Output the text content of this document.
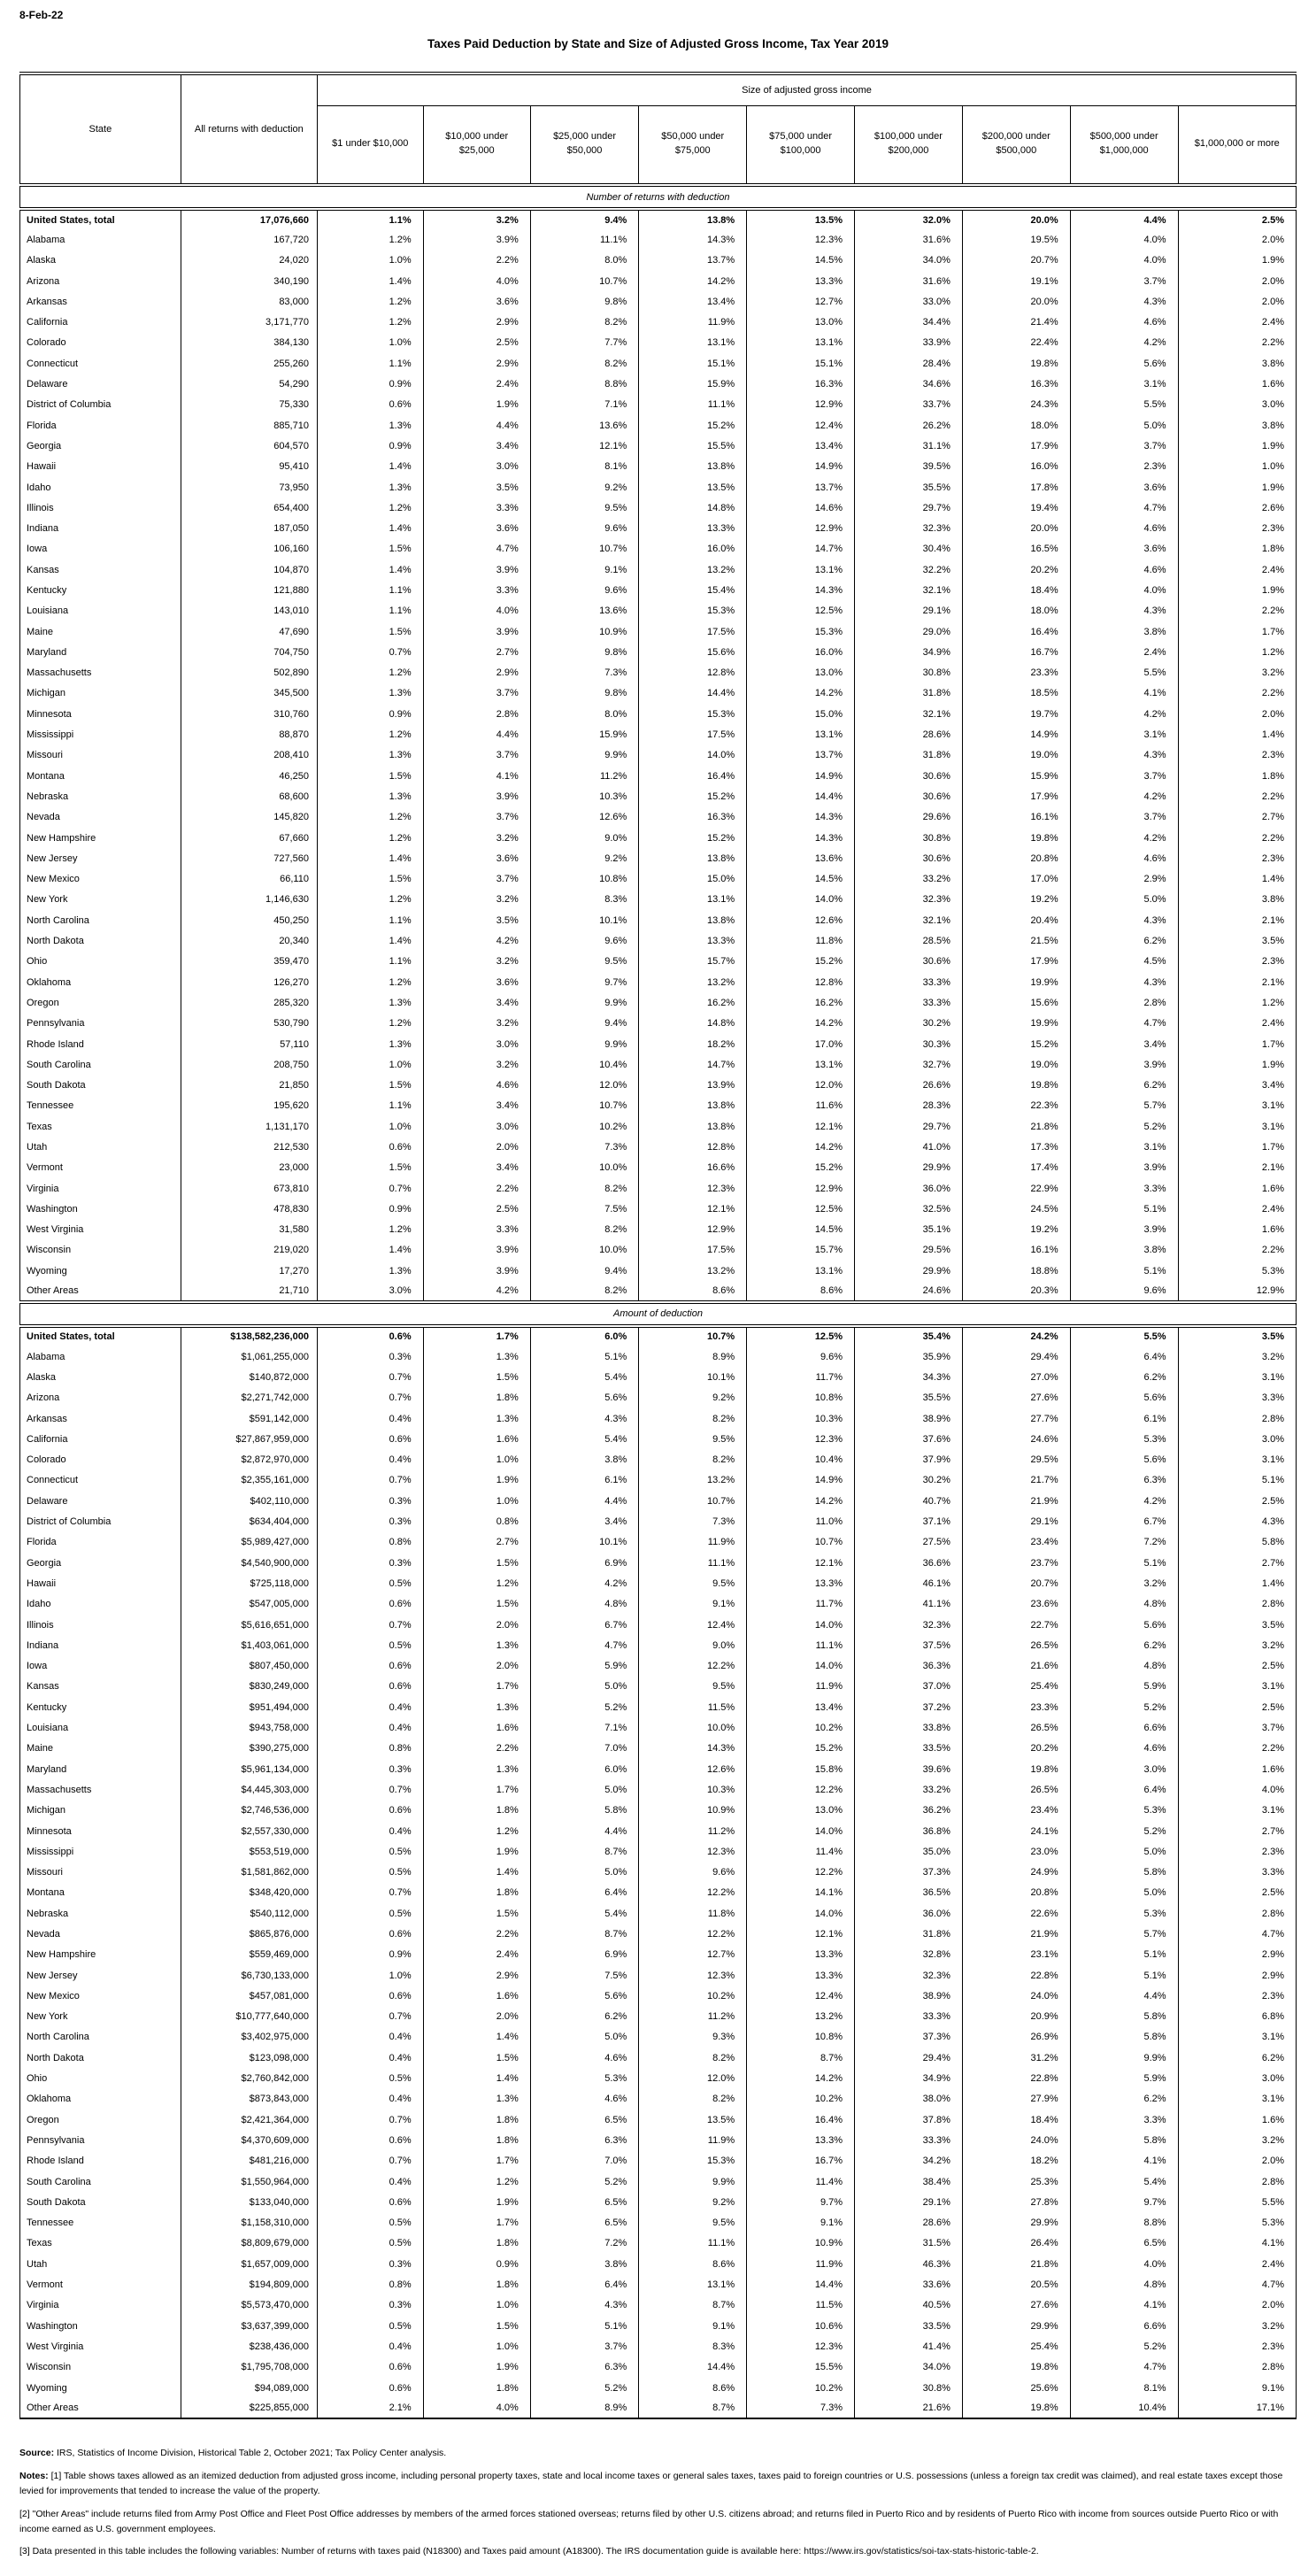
8-Feb-22
Taxes Paid Deduction by State and Size of Adjusted Gross Income, Tax Year 2019
State	All returns with deduction	Size of adjusted gross income								
		$1 under $10,000	$10,000 under $25,000	$25,000 under $50,000	$50,000 under $75,000	$75,000 under $100,000	$100,000 under $200,000	$200,000 under $500,000	$500,000 under $1,000,000	$1,000,000 or more
Number of returns with deduction										
United States, total	17,076,660	1.1%	3.2%	9.4%	13.8%	13.5%	32.0%	20.0%	4.4%	2.5%
Alabama	167,720	1.2%	3.9%	11.1%	14.3%	12.3%	31.6%	19.5%	4.0%	2.0%
Alaska	24,020	1.0%	2.2%	8.0%	13.7%	14.5%	34.0%	20.7%	4.0%	1.9%
Arizona	340,190	1.4%	4.0%	10.7%	14.2%	13.3%	31.6%	19.1%	3.7%	2.0%
Arkansas	83,000	1.2%	3.6%	9.8%	13.4%	12.7%	33.0%	20.0%	4.3%	2.0%
California	3,171,770	1.2%	2.9%	8.2%	11.9%	13.0%	34.4%	21.4%	4.6%	2.4%
Colorado	384,130	1.0%	2.5%	7.7%	13.1%	13.1%	33.9%	22.4%	4.2%	2.2%
Connecticut	255,260	1.1%	2.9%	8.2%	15.1%	15.1%	28.4%	19.8%	5.6%	3.8%
Delaware	54,290	0.9%	2.4%	8.8%	15.9%	16.3%	34.6%	16.3%	3.1%	1.6%
District of Columbia	75,330	0.6%	1.9%	7.1%	11.1%	12.9%	33.7%	24.3%	5.5%	3.0%
Florida	885,710	1.3%	4.4%	13.6%	15.2%	12.4%	26.2%	18.0%	5.0%	3.8%
Georgia	604,570	0.9%	3.4%	12.1%	15.5%	13.4%	31.1%	17.9%	3.7%	1.9%
Hawaii	95,410	1.4%	3.0%	8.1%	13.8%	14.9%	39.5%	16.0%	2.3%	1.0%
Idaho	73,950	1.3%	3.5%	9.2%	13.5%	13.7%	35.5%	17.8%	3.6%	1.9%
Illinois	654,400	1.2%	3.3%	9.5%	14.8%	14.6%	29.7%	19.4%	4.7%	2.6%
Indiana	187,050	1.4%	3.6%	9.6%	13.3%	12.9%	32.3%	20.0%	4.6%	2.3%
Iowa	106,160	1.5%	4.7%	10.7%	16.0%	14.7%	30.4%	16.5%	3.6%	1.8%
Kansas	104,870	1.4%	3.9%	9.1%	13.2%	13.1%	32.2%	20.2%	4.6%	2.4%
Kentucky	121,880	1.1%	3.3%	9.6%	15.4%	14.3%	32.1%	18.4%	4.0%	1.9%
Louisiana	143,010	1.1%	4.0%	13.6%	15.3%	12.5%	29.1%	18.0%	4.3%	2.2%
Maine	47,690	1.5%	3.9%	10.9%	17.5%	15.3%	29.0%	16.4%	3.8%	1.7%
Maryland	704,750	0.7%	2.7%	9.8%	15.6%	16.0%	34.9%	16.7%	2.4%	1.2%
Massachusetts	502,890	1.2%	2.9%	7.3%	12.8%	13.0%	30.8%	23.3%	5.5%	3.2%
Michigan	345,500	1.3%	3.7%	9.8%	14.4%	14.2%	31.8%	18.5%	4.1%	2.2%
Minnesota	310,760	0.9%	2.8%	8.0%	15.3%	15.0%	32.1%	19.7%	4.2%	2.0%
Mississippi	88,870	1.2%	4.4%	15.9%	17.5%	13.1%	28.6%	14.9%	3.1%	1.4%
Missouri	208,410	1.3%	3.7%	9.9%	14.0%	13.7%	31.8%	19.0%	4.3%	2.3%
Montana	46,250	1.5%	4.1%	11.2%	16.4%	14.9%	30.6%	15.9%	3.7%	1.8%
Nebraska	68,600	1.3%	3.9%	10.3%	15.2%	14.4%	30.6%	17.9%	4.2%	2.2%
Nevada	145,820	1.2%	3.7%	12.6%	16.3%	14.3%	29.6%	16.1%	3.7%	2.7%
New Hampshire	67,660	1.2%	3.2%	9.0%	15.2%	14.3%	30.8%	19.8%	4.2%	2.2%
New Jersey	727,560	1.4%	3.6%	9.2%	13.8%	13.6%	30.6%	20.8%	4.6%	2.3%
New Mexico	66,110	1.5%	3.7%	10.8%	15.0%	14.5%	33.2%	17.0%	2.9%	1.4%
New York	1,146,630	1.2%	3.2%	8.3%	13.1%	14.0%	32.3%	19.2%	5.0%	3.8%
North Carolina	450,250	1.1%	3.5%	10.1%	13.8%	12.6%	32.1%	20.4%	4.3%	2.1%
North Dakota	20,340	1.4%	4.2%	9.6%	13.3%	11.8%	28.5%	21.5%	6.2%	3.5%
Ohio	359,470	1.1%	3.2%	9.5%	15.7%	15.2%	30.6%	17.9%	4.5%	2.3%
Oklahoma	126,270	1.2%	3.6%	9.7%	13.2%	12.8%	33.3%	19.9%	4.3%	2.1%
Oregon	285,320	1.3%	3.4%	9.9%	16.2%	16.2%	33.3%	15.6%	2.8%	1.2%
Pennsylvania	530,790	1.2%	3.2%	9.4%	14.8%	14.2%	30.2%	19.9%	4.7%	2.4%
Rhode Island	57,110	1.3%	3.0%	9.9%	18.2%	17.0%	30.3%	15.2%	3.4%	1.7%
South Carolina	208,750	1.0%	3.2%	10.4%	14.7%	13.1%	32.7%	19.0%	3.9%	1.9%
South Dakota	21,850	1.5%	4.6%	12.0%	13.9%	12.0%	26.6%	19.8%	6.2%	3.4%
Tennessee	195,620	1.1%	3.4%	10.7%	13.8%	11.6%	28.3%	22.3%	5.7%	3.1%
Texas	1,131,170	1.0%	3.0%	10.2%	13.8%	12.1%	29.7%	21.8%	5.2%	3.1%
Utah	212,530	0.6%	2.0%	7.3%	12.8%	14.2%	41.0%	17.3%	3.1%	1.7%
Vermont	23,000	1.5%	3.4%	10.0%	16.6%	15.2%	29.9%	17.4%	3.9%	2.1%
Virginia	673,810	0.7%	2.2%	8.2%	12.3%	12.9%	36.0%	22.9%	3.3%	1.6%
Washington	478,830	0.9%	2.5%	7.5%	12.1%	12.5%	32.5%	24.5%	5.1%	2.4%
West Virginia	31,580	1.2%	3.3%	8.2%	12.9%	14.5%	35.1%	19.2%	3.9%	1.6%
Wisconsin	219,020	1.4%	3.9%	10.0%	17.5%	15.7%	29.5%	16.1%	3.8%	2.2%
Wyoming	17,270	1.3%	3.9%	9.4%	13.2%	13.1%	29.9%	18.8%	5.1%	5.3%
Other Areas	21,710	3.0%	4.2%	8.2%	8.6%	8.6%	24.6%	20.3%	9.6%	12.9%
Amount of deduction										
United States, total	$138,582,236,000	0.6%	1.7%	6.0%	10.7%	12.5%	35.4%	24.2%	5.5%	3.5%
Alabama	$1,061,255,000	0.3%	1.3%	5.1%	8.9%	9.6%	35.9%	29.4%	6.4%	3.2%
Alaska	$140,872,000	0.7%	1.5%	5.4%	10.1%	11.7%	34.3%	27.0%	6.2%	3.1%
Arizona	$2,271,742,000	0.7%	1.8%	5.6%	9.2%	10.8%	35.5%	27.6%	5.6%	3.3%
Arkansas	$591,142,000	0.4%	1.3%	4.3%	8.2%	10.3%	38.9%	27.7%	6.1%	2.8%
California	$27,867,959,000	0.6%	1.6%	5.4%	9.5%	12.3%	37.6%	24.6%	5.3%	3.0%
Colorado	$2,872,970,000	0.4%	1.0%	3.8%	8.2%	10.4%	37.9%	29.5%	5.6%	3.1%
Connecticut	$2,355,161,000	0.7%	1.9%	6.1%	13.2%	14.9%	30.2%	21.7%	6.3%	5.1%
Delaware	$402,110,000	0.3%	1.0%	4.4%	10.7%	14.2%	40.7%	21.9%	4.2%	2.5%
District of Columbia	$634,404,000	0.3%	0.8%	3.4%	7.3%	11.0%	37.1%	29.1%	6.7%	4.3%
Florida	$5,989,427,000	0.8%	2.7%	10.1%	11.9%	10.7%	27.5%	23.4%	7.2%	5.8%
Georgia	$4,540,900,000	0.3%	1.5%	6.9%	11.1%	12.1%	36.6%	23.7%	5.1%	2.7%
Hawaii	$725,118,000	0.5%	1.2%	4.2%	9.5%	13.3%	46.1%	20.7%	3.2%	1.4%
Idaho	$547,005,000	0.6%	1.5%	4.8%	9.1%	11.7%	41.1%	23.6%	4.8%	2.8%
Illinois	$5,616,651,000	0.7%	2.0%	6.7%	12.4%	14.0%	32.3%	22.7%	5.6%	3.5%
Indiana	$1,403,061,000	0.5%	1.3%	4.7%	9.0%	11.1%	37.5%	26.5%	6.2%	3.2%
Iowa	$807,450,000	0.6%	2.0%	5.9%	12.2%	14.0%	36.3%	21.6%	4.8%	2.5%
Kansas	$830,249,000	0.6%	1.7%	5.0%	9.5%	11.9%	37.0%	25.4%	5.9%	3.1%
Kentucky	$951,494,000	0.4%	1.3%	5.2%	11.5%	13.4%	37.2%	23.3%	5.2%	2.5%
Louisiana	$943,758,000	0.4%	1.6%	7.1%	10.0%	10.2%	33.8%	26.5%	6.6%	3.7%
Maine	$390,275,000	0.8%	2.2%	7.0%	14.3%	15.2%	33.5%	20.2%	4.6%	2.2%
Maryland	$5,961,134,000	0.3%	1.3%	6.0%	12.6%	15.8%	39.6%	19.8%	3.0%	1.6%
Massachusetts	$4,445,303,000	0.7%	1.7%	5.0%	10.3%	12.2%	33.2%	26.5%	6.4%	4.0%
Michigan	$2,746,536,000	0.6%	1.8%	5.8%	10.9%	13.0%	36.2%	23.4%	5.3%	3.1%
Minnesota	$2,557,330,000	0.4%	1.2%	4.4%	11.2%	14.0%	36.8%	24.1%	5.2%	2.7%
Mississippi	$553,519,000	0.5%	1.9%	8.7%	12.3%	11.4%	35.0%	23.0%	5.0%	2.3%
Missouri	$1,581,862,000	0.5%	1.4%	5.0%	9.6%	12.2%	37.3%	24.9%	5.8%	3.3%
Montana	$348,420,000	0.7%	1.8%	6.4%	12.2%	14.1%	36.5%	20.8%	5.0%	2.5%
Nebraska	$540,112,000	0.5%	1.5%	5.4%	11.8%	14.0%	36.0%	22.6%	5.3%	2.8%
Nevada	$865,876,000	0.6%	2.2%	8.7%	12.2%	12.1%	31.8%	21.9%	5.7%	4.7%
New Hampshire	$559,469,000	0.9%	2.4%	6.9%	12.7%	13.3%	32.8%	23.1%	5.1%	2.9%
New Jersey	$6,730,133,000	1.0%	2.9%	7.5%	12.3%	13.3%	32.3%	22.8%	5.1%	2.9%
New Mexico	$457,081,000	0.6%	1.6%	5.6%	10.2%	12.4%	38.9%	24.0%	4.4%	2.3%
New York	$10,777,640,000	0.7%	2.0%	6.2%	11.2%	13.2%	33.3%	20.9%	5.8%	6.8%
North Carolina	$3,402,975,000	0.4%	1.4%	5.0%	9.3%	10.8%	37.3%	26.9%	5.8%	3.1%
North Dakota	$123,098,000	0.4%	1.5%	4.6%	8.2%	8.7%	29.4%	31.2%	9.9%	6.2%
Ohio	$2,760,842,000	0.5%	1.4%	5.3%	12.0%	14.2%	34.9%	22.8%	5.9%	3.0%
Oklahoma	$873,843,000	0.4%	1.3%	4.6%	8.2%	10.2%	38.0%	27.9%	6.2%	3.1%
Oregon	$2,421,364,000	0.7%	1.8%	6.5%	13.5%	16.4%	37.8%	18.4%	3.3%	1.6%
Pennsylvania	$4,370,609,000	0.6%	1.8%	6.3%	11.9%	13.3%	33.3%	24.0%	5.8%	3.2%
Rhode Island	$481,216,000	0.7%	1.7%	7.0%	15.3%	16.7%	34.2%	18.2%	4.1%	2.0%
South Carolina	$1,550,964,000	0.4%	1.2%	5.2%	9.9%	11.4%	38.4%	25.3%	5.4%	2.8%
South Dakota	$133,040,000	0.6%	1.9%	6.5%	9.2%	9.7%	29.1%	27.8%	9.7%	5.5%
Tennessee	$1,158,310,000	0.5%	1.7%	6.5%	9.5%	9.1%	28.6%	29.9%	8.8%	5.3%
Texas	$8,809,679,000	0.5%	1.8%	7.2%	11.1%	10.9%	31.5%	26.4%	6.5%	4.1%
Utah	$1,657,009,000	0.3%	0.9%	3.8%	8.6%	11.9%	46.3%	21.8%	4.0%	2.4%
Vermont	$194,809,000	0.8%	1.8%	6.4%	13.1%	14.4%	33.6%	20.5%	4.8%	4.7%
Virginia	$5,573,470,000	0.3%	1.0%	4.3%	8.7%	11.5%	40.5%	27.6%	4.1%	2.0%
Washington	$3,637,399,000	0.5%	1.5%	5.1%	9.1%	10.6%	33.5%	29.9%	6.6%	3.2%
West Virginia	$238,436,000	0.4%	1.0%	3.7%	8.3%	12.3%	41.4%	25.4%	5.2%	2.3%
Wisconsin	$1,795,708,000	0.6%	1.9%	6.3%	14.4%	15.5%	34.0%	19.8%	4.7%	2.8%
Wyoming	$94,089,000	0.6%	1.8%	5.2%	8.6%	10.2%	30.8%	25.6%	8.1%	9.1%
Other Areas	$225,855,000	2.1%	4.0%	8.9%	8.7%	7.3%	21.6%	19.8%	10.4%	17.1%

Source: IRS, Statistics of Income Division, Historical Table 2, October 2021; Tax Policy Center analysis.

Notes: [1] Table shows taxes allowed as an itemized deduction from adjusted gross income, including personal property taxes, state and local income taxes or general sales taxes, taxes paid to foreign countries or U.S. possessions (unless a foreign tax credit was claimed), and real estate taxes except those levied for improvements that tended to increase the value of the property.

[2] "Other Areas" include returns filed from Army Post Office and Fleet Post Office addresses by members of the armed forces stationed overseas; returns filed by other U.S. citizens abroad; and returns filed in Puerto Rico and by residents of Puerto Rico with income from sources outside Puerto Rico or with income earned as U.S. government employees.

[3] Data presented in this table includes the following variables: Number of returns with taxes paid (N18300) and Taxes paid amount (A18300). The IRS documentation guide is available here: https://www.irs.gov/statistics/soi-tax-stats-historic-table-2.
